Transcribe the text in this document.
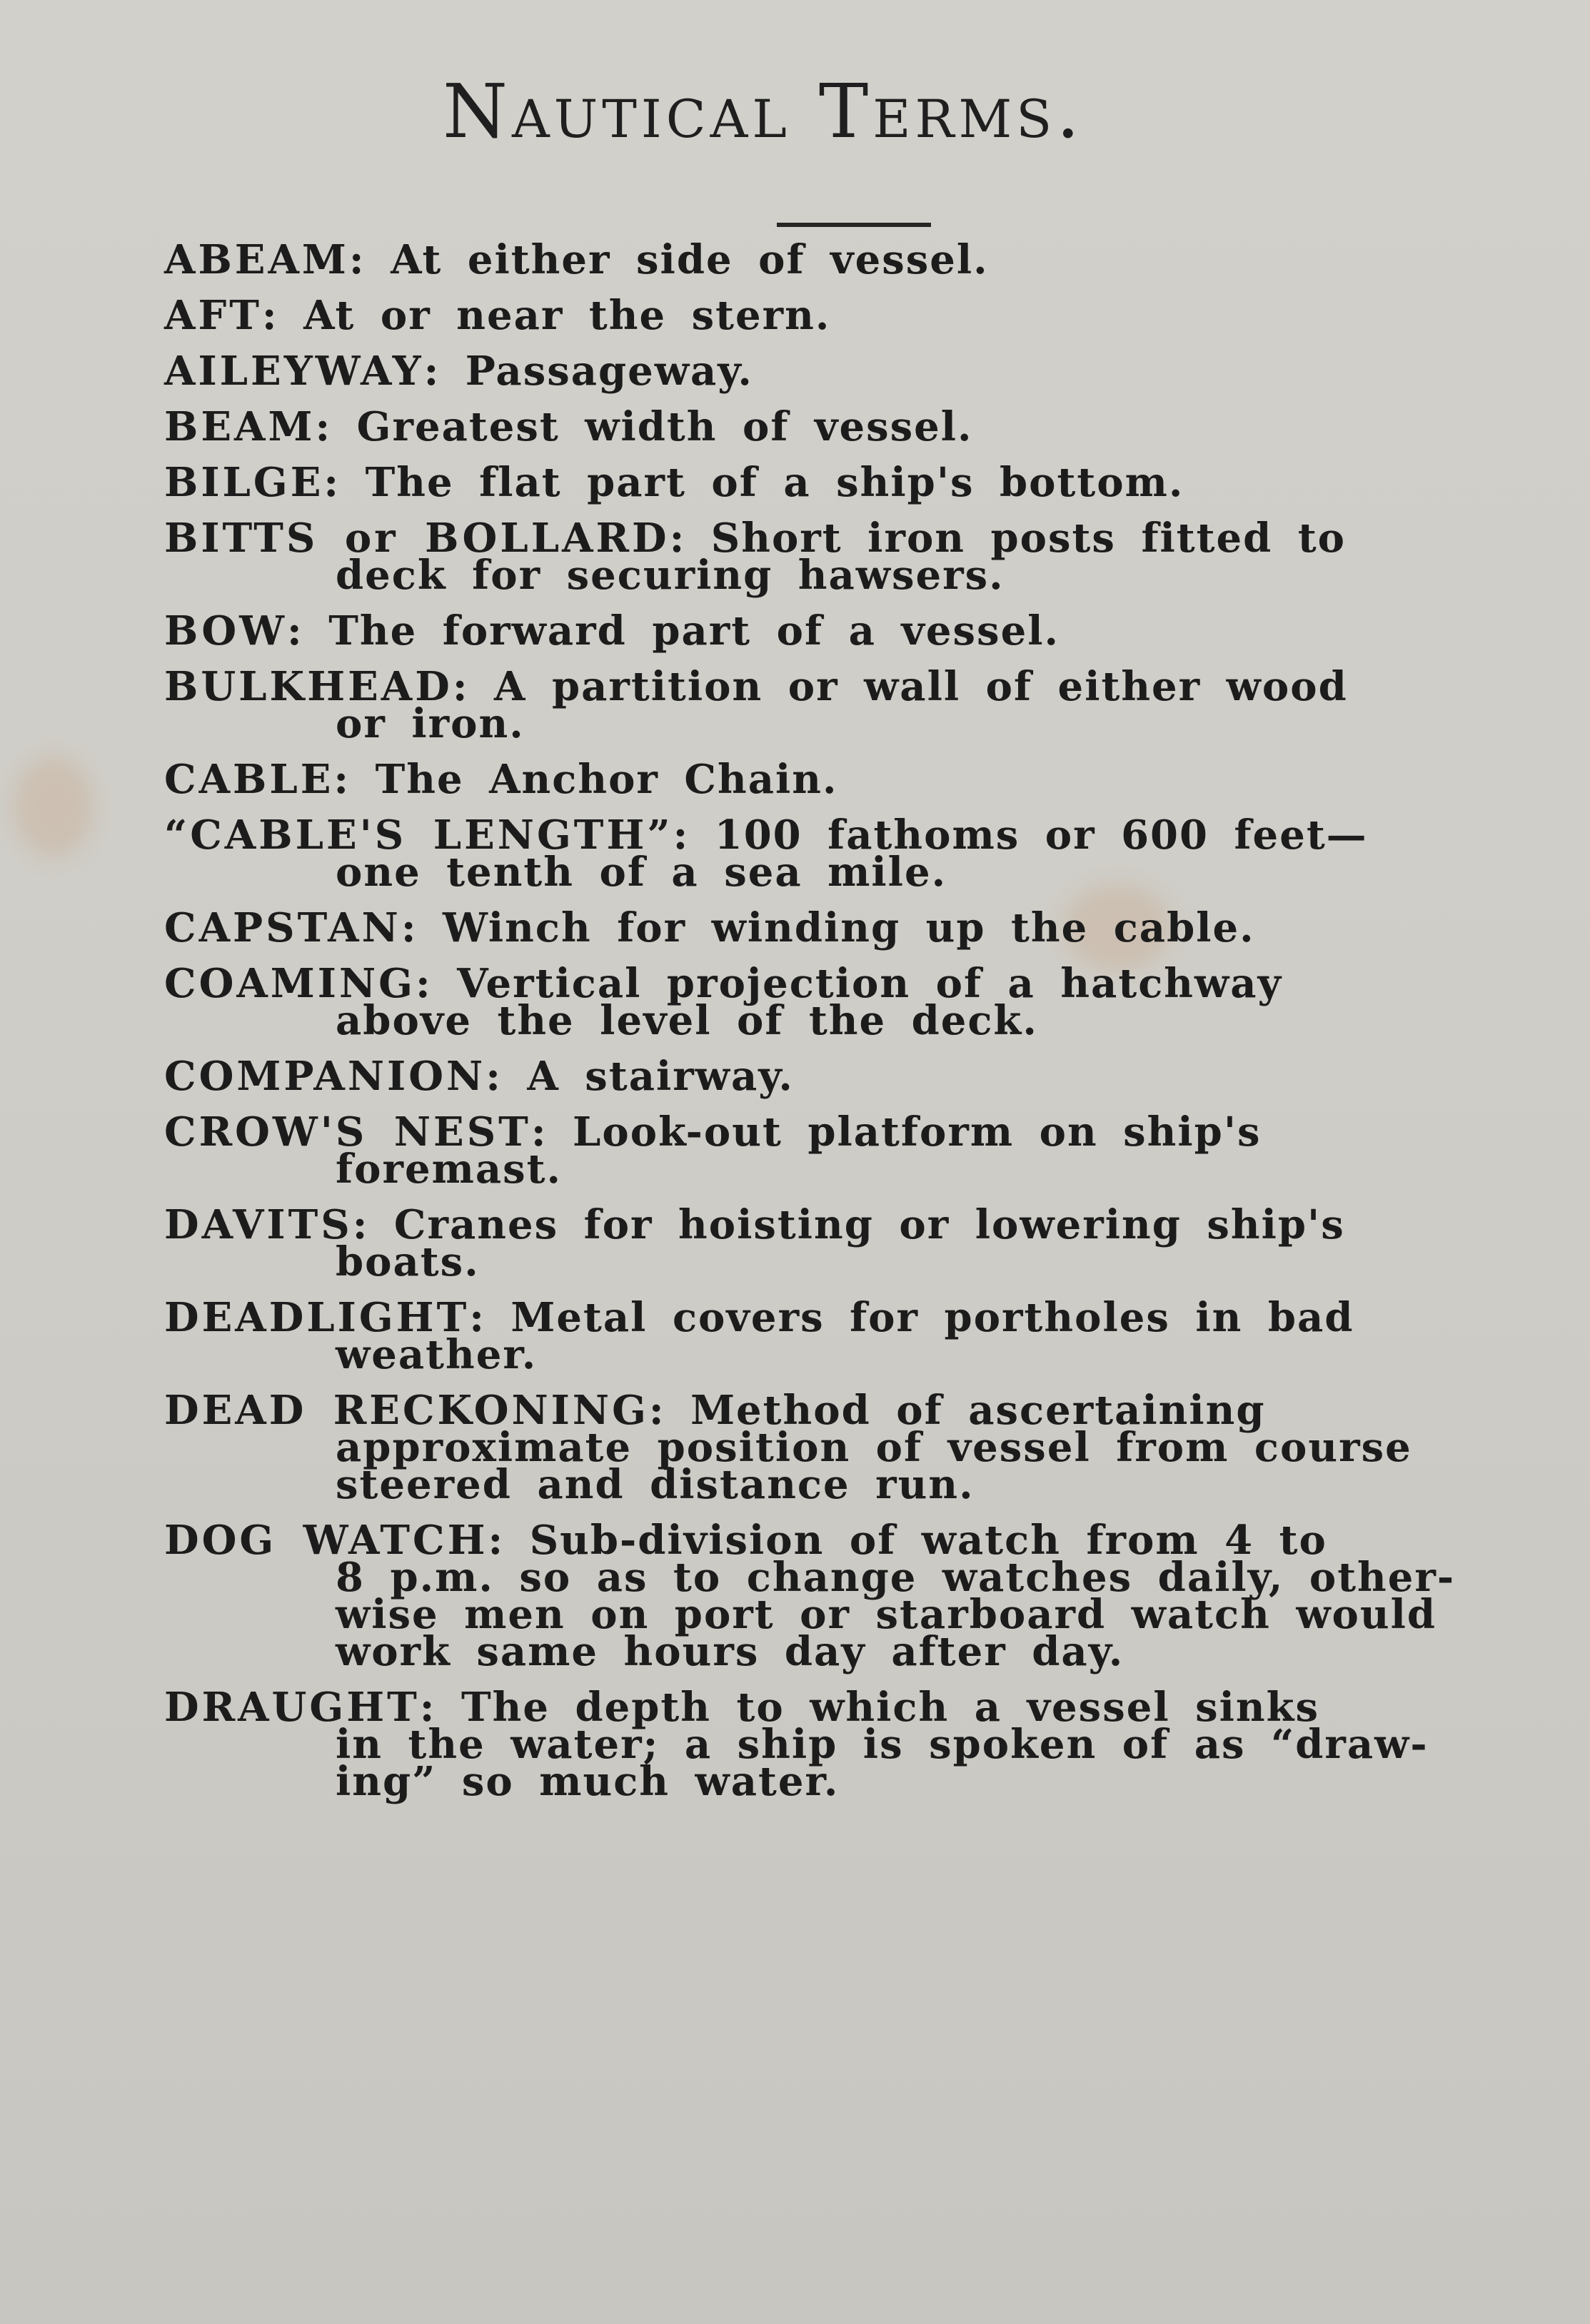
Nautical Terms.
ABEAM: At either side of vessel.
AFT: At or near the stern.
AILEYWAY: Passageway.
BEAM: Greatest width of vessel.
BILGE: The flat part of a ship's bottom.
BITTS or BOLLARD: Short iron posts fitted to
deck for securing hawsers.
BOW: The forward part of a vessel.
BULKHEAD: A partition or wall of either wood
or iron.
CABLE: The Anchor Chain.
“CABLE'S LENGTH”: 100 fathoms or 600 feet—
one tenth of a sea mile.
CAPSTAN: Winch for winding up the cable.
COAMING: Vertical projection of a hatchway
above the level of the deck.
COMPANION: A stairway.
CROW'S NEST: Look-out platform on ship's
foremast.
DAVITS: Cranes for hoisting or lowering ship's
boats.
DEADLIGHT: Metal covers for portholes in bad
weather.
DEAD RECKONING: Method of ascertaining
approximate position of vessel from course
steered and distance run.
DOG WATCH: Sub-division of watch from 4 to
8 p.m. so as to change watches daily, other-
wise men on port or starboard watch would
work same hours day after day.
DRAUGHT: The depth to which a vessel sinks
in the water; a ship is spoken of as “draw-
ing” so much water.
